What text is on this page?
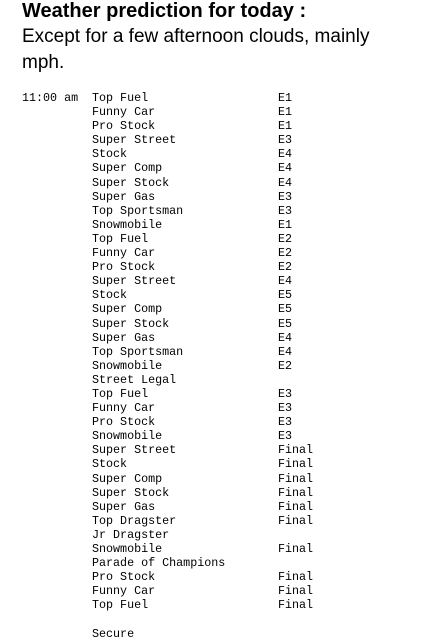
Weather prediction for today :
Except for a few afternoon clouds, mainly
mph.
11:00 am	Top Fuel	E1
Funny Car	E1
Pro Stock	E1
Super Street	E3
Stock	E4
Super Comp	E4
Super Stock	E4
Super Gas	E3
Top Sportsman	E3
Snowmobile	E1
Top Fuel	E2
Funny Car	E2
Pro Stock	E2
Super Street	E4
Stock	E5
Super Comp	E5
Super Stock	E5
Super Gas	E4
Top Sportsman	E4
Snowmobile	E2
Street Legal
Top Fuel	E3
Funny Car	E3
Pro Stock	E3
Snowmobile	E3
Super Street	Final
Stock	Final
Super Comp	Final
Super Stock	Final
Super Gas	Final
Top Dragster	Final
Jr Dragster
Snowmobile	Final
Parade of Champions
Pro Stock	Final
Funny Car	Final
Top Fuel	Final
Secure
